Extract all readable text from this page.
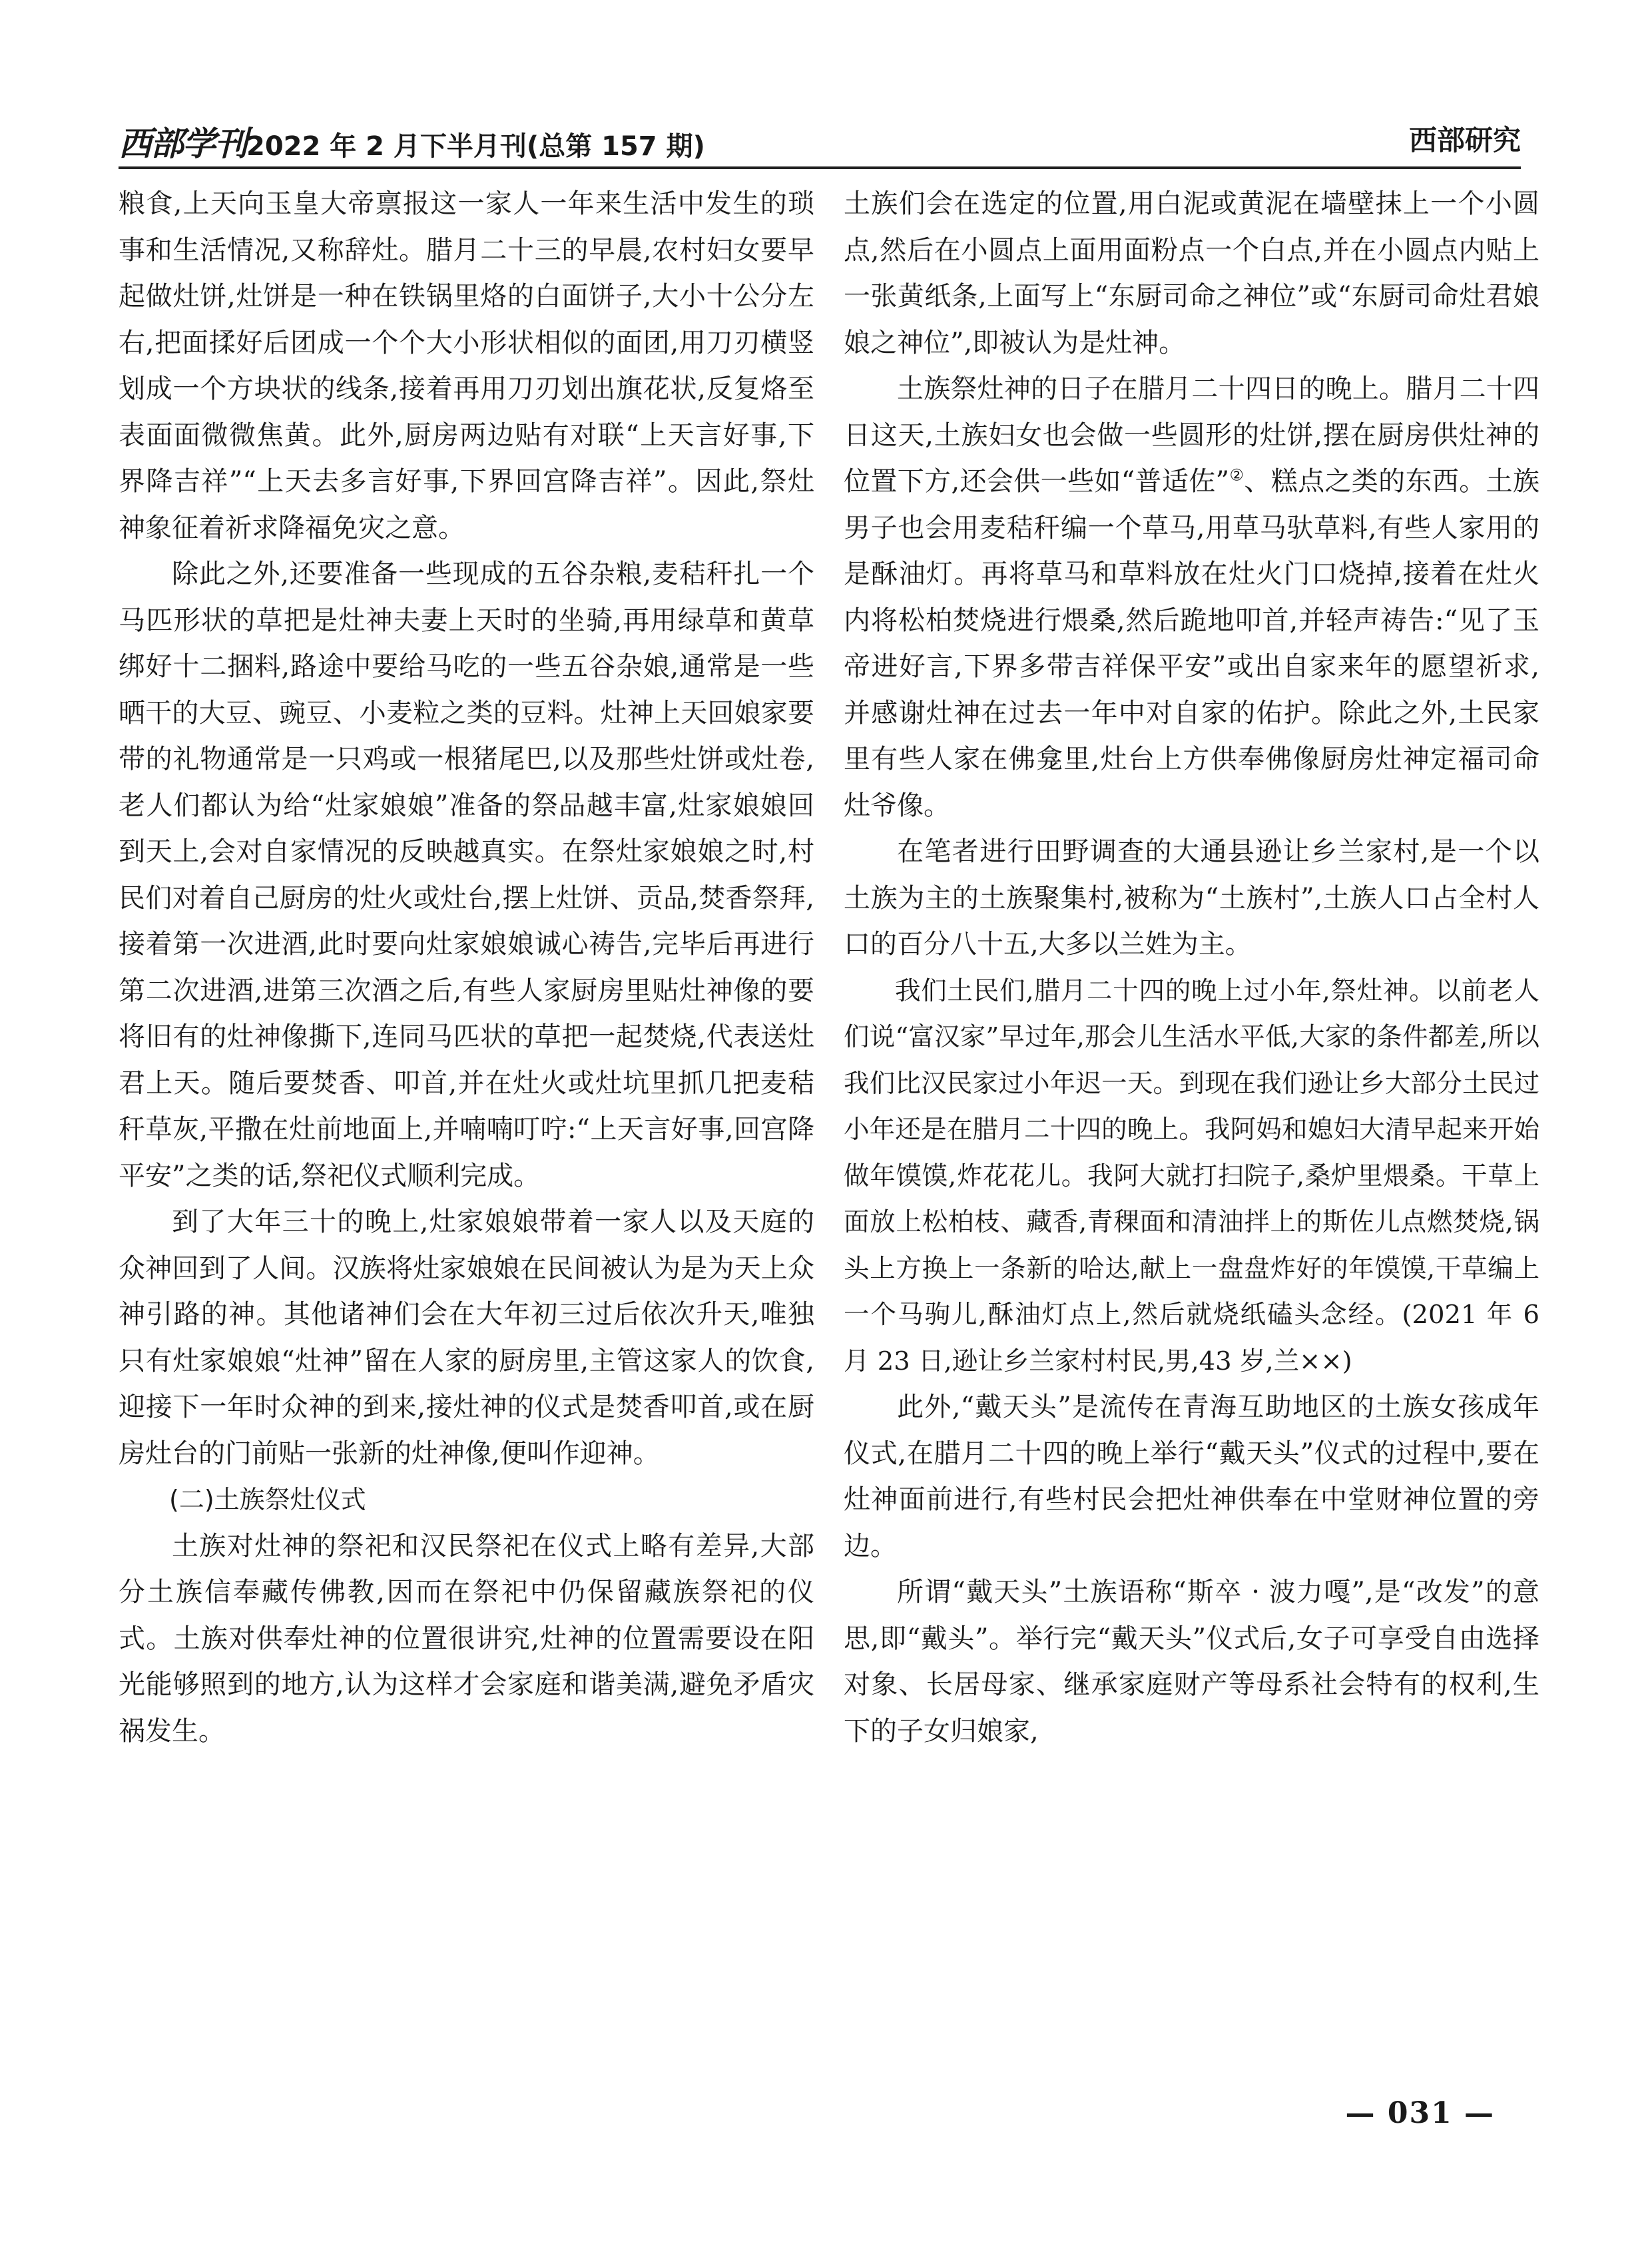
西部学刊2022 年 2 月下半月刊(总第 157 期)	西部研究

粮食,上天向玉皇大帝禀报这一家人一年来生活中发生的琐事和生活情况,又称辞灶。腊月二十三的早晨,农村妇女要早起做灶饼,灶饼是一种在铁锅里烙的白面饼子,大小十公分左右,把面揉好后团成一个个大小形状相似的面团,用刀刃横竖划成一个方块状的线条,接着再用刀刃划出旗花状,反复烙至表面面微微焦黄。此外,厨房两边贴有对联“上天言好事,下界降吉祥”“上天去多言好事,下界回宫降吉祥”。因此,祭灶神象征着祈求降福免灾之意。

除此之外,还要准备一些现成的五谷杂粮,麦秸秆扎一个马匹形状的草把是灶神夫妻上天时的坐骑,再用绿草和黄草绑好十二捆料,路途中要给马吃的一些五谷杂娘,通常是一些晒干的大豆、豌豆、小麦粒之类的豆料。灶神上天回娘家要带的礼物通常是一只鸡或一根猪尾巴,以及那些灶饼或灶卷,老人们都认为给“灶家娘娘”准备的祭品越丰富,灶家娘娘回到天上,会对自家情况的反映越真实。在祭灶家娘娘之时,村民们对着自己厨房的灶火或灶台,摆上灶饼、贡品,焚香祭拜,接着第一次进酒,此时要向灶家娘娘诚心祷告,完毕后再进行第二次进酒,进第三次酒之后,有些人家厨房里贴灶神像的要将旧有的灶神像撕下,连同马匹状的草把一起焚烧,代表送灶君上天。随后要焚香、叩首,并在灶火或灶坑里抓几把麦秸秆草灰,平撒在灶前地面上,并喃喃叮咛:“上天言好事,回宫降平安”之类的话,祭祀仪式顺利完成。

到了大年三十的晚上,灶家娘娘带着一家人以及天庭的众神回到了人间。汉族将灶家娘娘在民间被认为是为天上众神引路的神。其他诸神们会在大年初三过后依次升天,唯独只有灶家娘娘“灶神”留在人家的厨房里,主管这家人的饮食,迎接下一年时众神的到来,接灶神的仪式是焚香叩首,或在厨房灶台的门前贴一张新的灶神像,便叫作迎神。

(二)土族祭灶仪式

土族对灶神的祭祀和汉民祭祀在仪式上略有差异,大部分土族信奉藏传佛教,因而在祭祀中仍保留藏族祭祀的仪式。土族对供奉灶神的位置很讲究,灶神的位置需要设在阳光能够照到的地方,认为这样才会家庭和谐美满,避免矛盾灾祸发生。

土族们会在选定的位置,用白泥或黄泥在墙壁抹上一个小圆点,然后在小圆点上面用面粉点一个白点,并在小圆点内贴上一张黄纸条,上面写上“东厨司命之神位”或“东厨司命灶君娘娘之神位”,即被认为是灶神。

土族祭灶神的日子在腊月二十四日的晚上。腊月二十四日这天,土族妇女也会做一些圆形的灶饼,摆在厨房供灶神的位置下方,还会供一些如“普适佐”②、糕点之类的东西。土族男子也会用麦秸秆编一个草马,用草马驮草料,有些人家用的是酥油灯。再将草马和草料放在灶火门口烧掉,接着在灶火内将松柏焚烧进行煨桑,然后跪地叩首,并轻声祷告:“见了玉帝进好言,下界多带吉祥保平安”或出自家来年的愿望祈求,并感谢灶神在过去一年中对自家的佑护。除此之外,土民家里有些人家在佛龛里,灶台上方供奉佛像厨房灶神定福司命灶爷像。

在笔者进行田野调查的大通县逊让乡兰家村,是一个以土族为主的土族聚集村,被称为“土族村”,土族人口占全村人口的百分八十五,大多以兰姓为主。

我们土民们,腊月二十四的晚上过小年,祭灶神。以前老人们说“富汉家”早过年,那会儿生活水平低,大家的条件都差,所以我们比汉民家过小年迟一天。到现在我们逊让乡大部分土民过小年还是在腊月二十四的晚上。我阿妈和媳妇大清早起来开始做年馍馍,炸花花儿。我阿大就打扫院子,桑炉里煨桑。干草上面放上松柏枝、藏香,青稞面和清油拌上的斯佐儿点燃焚烧,锅头上方换上一条新的哈达,献上一盘盘炸好的年馍馍,干草编上一个马驹儿,酥油灯点上,然后就烧纸磕头念经。(2021 年 6 月 23 日,逊让乡兰家村村民,男,43 岁,兰××)

此外,“戴天头”是流传在青海互助地区的土族女孩成年仪式,在腊月二十四的晚上举行“戴天头”仪式的过程中,要在灶神面前进行,有些村民会把灶神供奉在中堂财神位置的旁边。

所谓“戴天头”土族语称“斯卒 · 波力嘎”,是“改发”的意思,即“戴头”。举行完“戴天头”仪式后,女子可享受自由选择对象、长居母家、继承家庭财产等母系社会特有的权利,生下的子女归娘家,

— 031 —
